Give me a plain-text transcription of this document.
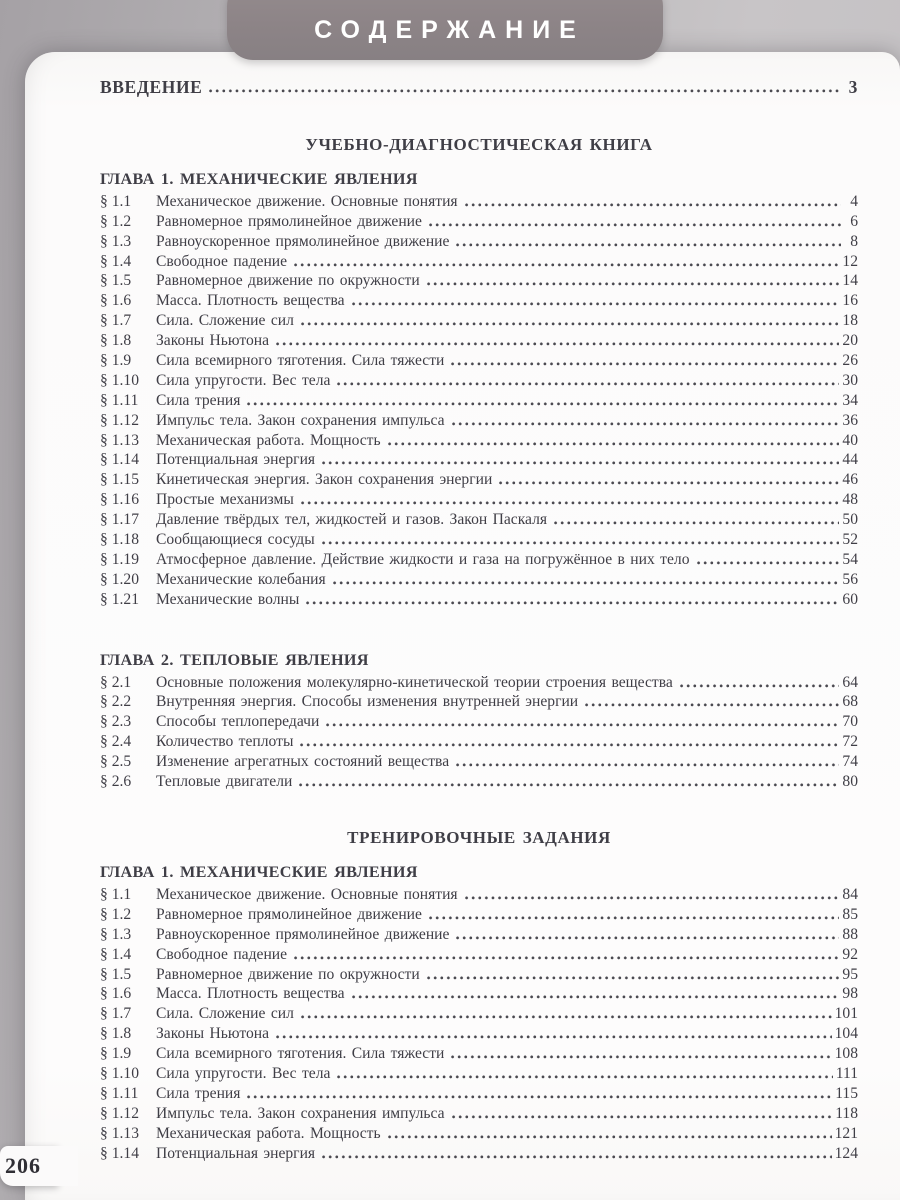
СОДЕРЖАНИЕ
ВВЕДЕНИЕ	3
УЧЕБНО-ДИАГНОСТИЧЕСКАЯ КНИГА
ГЛАВА 1. МЕХАНИЧЕСКИЕ ЯВЛЕНИЯ
§ 1.1	Механическое движение. Основные понятия	4
§ 1.2	Равномерное прямолинейное движение	6
§ 1.3	Равноускоренное прямолинейное движение	8
§ 1.4	Свободное падение	12
§ 1.5	Равномерное движение по окружности	14
§ 1.6	Масса. Плотность вещества	16
§ 1.7	Сила. Сложение сил	18
§ 1.8	Законы Ньютона	20
§ 1.9	Сила всемирного тяготения. Сила тяжести	26
§ 1.10	Сила упругости. Вес тела	30
§ 1.11	Сила трения	34
§ 1.12	Импульс тела. Закон сохранения импульса	36
§ 1.13	Механическая работа. Мощность	40
§ 1.14	Потенциальная энергия	44
§ 1.15	Кинетическая энергия. Закон сохранения энергии	46
§ 1.16	Простые механизмы	48
§ 1.17	Давление твёрдых тел, жидкостей и газов. Закон Паскаля	50
§ 1.18	Сообщающиеся сосуды	52
§ 1.19	Атмосферное давление. Действие жидкости и газа на погружённое в них тело	54
§ 1.20	Механические колебания	56
§ 1.21	Механические волны	60
ГЛАВА 2. ТЕПЛОВЫЕ ЯВЛЕНИЯ
§ 2.1	Основные положения молекулярно-кинетической теории строения вещества	64
§ 2.2	Внутренняя энергия. Способы изменения внутренней энергии	68
§ 2.3	Способы теплопередачи	70
§ 2.4	Количество теплоты	72
§ 2.5	Изменение агрегатных состояний вещества	74
§ 2.6	Тепловые двигатели	80
ТРЕНИРОВОЧНЫЕ ЗАДАНИЯ
ГЛАВА 1. МЕХАНИЧЕСКИЕ ЯВЛЕНИЯ
§ 1.1	Механическое движение. Основные понятия	84
§ 1.2	Равномерное прямолинейное движение	85
§ 1.3	Равноускоренное прямолинейное движение	88
§ 1.4	Свободное падение	92
§ 1.5	Равномерное движение по окружности	95
§ 1.6	Масса. Плотность вещества	98
§ 1.7	Сила. Сложение сил	101
§ 1.8	Законы Ньютона	104
§ 1.9	Сила всемирного тяготения. Сила тяжести	108
§ 1.10	Сила упругости. Вес тела	111
§ 1.11	Сила трения	115
§ 1.12	Импульс тела. Закон сохранения импульса	118
§ 1.13	Механическая работа. Мощность	121
§ 1.14	Потенциальная энергия	124
206
